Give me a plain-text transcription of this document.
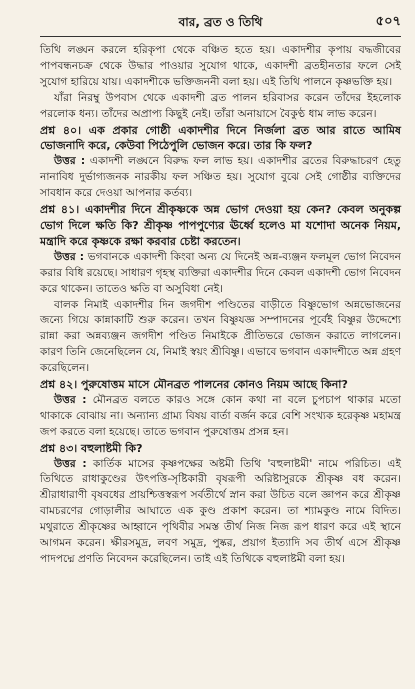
বার, ব্রত ও তিথি	৫০৭

তিথি লঙ্ঘন করলে হরিকৃপা থেকে বঞ্চিত হতে হয়। একাদশীর কৃপায় বদ্ধজীবের পাপবন্ধনচক্র থেকে উদ্ধার পাওয়ার সুযোগ থাকে, একাদশী ব্রতহীনতার ফলে সেই সুযোগ হারিয়ে যায়। একাদশীকে ভক্তিজননী বলা হয়। এই তিথি পালনে কৃষ্ণভক্তি হয়।

যাঁরা নিরম্বু উপবাস থেকে একাদশী ব্রত পালন হরিবাসর করেন তাঁদের ইহলোক পরলোক ধন্য। তাঁদের অপ্রাপ্য কিছুই নেই। তাঁরা অনায়াসে বৈকুণ্ঠ ধাম লাভ করেন।

প্রশ্ন ৪০। এক প্রকার গোষ্ঠী একাদশীর দিনে নির্জলা ব্রত আর রাতে আমিষ ভোজনাদি করে, কেউবা পিঠেপুলি ভোজন করে। তার কি ফল?

উত্তর : একাদশী লঙ্ঘনে বিরুদ্ধ ফল লাভ হয়। একাদশীর ব্রতের বিরুদ্ধাচরণ হেতু নানাবিধ দুর্ভাগ্যজনক নারকীয় ফল সঞ্চিত হয়। সুযোগ বুঝে সেই গোষ্ঠীর ব্যক্তিদের সাবধান করে দেওয়া আপনার কর্তব্য।

প্রশ্ন ৪১। একাদশীর দিনে শ্রীকৃষ্ণকে অন্ন ভোগ দেওয়া হয় কেন? কেবল অনুকল্প ভোগ দিলে ক্ষতি কি? শ্রীকৃষ্ণ পাপপুণ্যের ঊর্ধ্বে হলেও মা যশোদা অনেক নিয়ম, মন্ত্রাদি করে কৃষ্ণকে রক্ষা করবার চেষ্টা করতেন।

উত্তর : ভগবানকে একাদশী কিংবা অন্য যে দিনেই অন্ন-ব্যঞ্জন ফলমূল ভোগ নিবেদন করার বিধি রয়েছে। সাধারণ গৃহস্থ ব্যক্তিরা একাদশীর দিনে কেবল একাদশী ভোগ নিবেদন করে থাকেন। তাতেও ক্ষতি বা অসুবিধা নেই।

বালক নিমাই একাদশীর দিন জগদীশ পণ্ডিতের বাড়ীতে বিষ্ণুভোগ অন্নভোজনের জন্যে গিয়ে কান্নাকাটি শুরু করেন। তখন বিষ্ণুযজ্ঞ সম্পাদনের পূর্বেই বিষ্ণুর উদ্দেশ্যে রান্না করা অন্নব্যঞ্জন জগদীশ পণ্ডিত নিমাইকে প্রীতিভরে ভোজন করাতে লাগলেন। কারণ তিনি জেনেছিলেন যে, নিমাই স্বয়ং শ্রীবিষ্ণু। এভাবে ভগবান একাদশীতে অন্ন গ্রহণ করেছিলেন।

প্রশ্ন ৪২। পুরুষোত্তম মাসে মৌনব্রত পালনের কোনও নিয়ম আছে কিনা?

উত্তর : মৌনব্রত বলতে কারও সঙ্গে কোন কথা না বলে চুপচাপ থাকার মতো থাকাকে বোঝায় না। অন্যান্য গ্রাম্য বিষয় বার্তা বর্জন করে বেশি সংখ্যক হরেকৃষ্ণ মহামন্ত্র জপ করতে বলা হয়েছে। তাতে ভগবান পুরুষোত্তম প্রসন্ন হন।

প্রশ্ন ৪৩। বহুলাষ্টমী কি?

উত্তর : কার্তিক মাসের কৃষ্ণপক্ষের অষ্টমী তিথি 'বহুলাষ্টমী' নামে পরিচিত। এই তিথিতে রাধাকুণ্ডের উৎপত্তি-সৃষ্টিকারী বৃষরূপী অরিষ্টাসুরকে শ্রীকৃষ্ণ বধ করেন। শ্রীরাধারাণী বৃষবধের প্রায়শ্চিত্তস্বরূপ সর্বতীর্থে স্নান করা উচিত বলে জ্ঞাপন করে শ্রীকৃষ্ণ বামচরণের গোড়ালীর আঘাতে এক কুণ্ড প্রকাশ করেন। তা শ্যামকুণ্ড নামে বিদিত। মথুরাতে শ্রীকৃষ্ণের আহ্বানে পৃথিবীর সমস্ত তীর্থ নিজ নিজ রূপ ধারণ করে এই স্থানে আগমন করেন। ক্ষীরসমুদ্র, লবণ সমুদ্র, পুষ্কর, প্রয়াগ ইত্যাদি সব তীর্থ এসে শ্রীকৃষ্ণ পাদপদ্মে প্রণতি নিবেদন করেছিলেন। তাই এই তিথিকে বহুলাষ্টমী বলা হয়।
